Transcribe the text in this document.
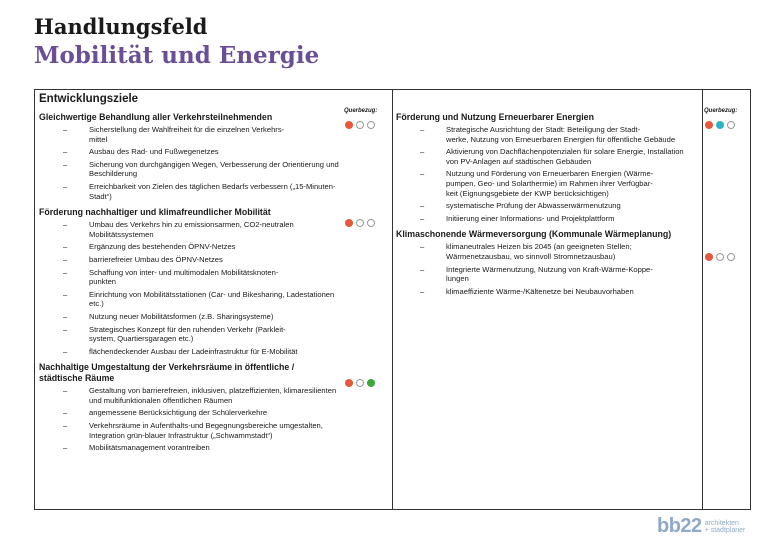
Handlungsfeld
Mobilität und Energie
Entwicklungsziele
Querbezug:	Querbezug:
Gleichwertige Behandlung aller Verkehrsteilnehmenden
–	Sicherstellung der Wahlfreiheit für die einzelnen Verkehrs-
mittel
–	Ausbau des Rad- und Fußwegenetzes
–	Sicherung von durchgängigen Wegen, Verbesserung der Orientierung und Beschilderung
–	Erreichbarkeit von Zielen des täglichen Bedarfs verbessern („15-Minuten-Stadt“)
Förderung nachhaltiger und klimafreundlicher Mobilität
–	Umbau des Verkehrs hin zu emissionsarmen, CO2-neutralen Mobilitätssystemen
–	Ergänzung des bestehenden ÖPNV-Netzes
–	barrierefreier Umbau des ÖPNV-Netzes
–	Schaffung von inter- und multimodalen Mobilitätsknoten-
punkten
–	Einrichtung von Mobilitätsstationen (Car- und Bikesharing, Ladestationen etc.)
–	Nutzung neuer Mobilitätsformen (z.B. Sharingsysteme)
–	Strategisches Konzept für den ruhenden Verkehr (Parkleit-
system, Quartiersgaragen etc.)
–	flächendeckender Ausbau der Ladeinfrastruktur für E-Mobilität
Nachhaltige Umgestaltung der Verkehrsräume in öffentliche / städtische Räume
–	Gestaltung von barrierefreien, inklusiven, platzeffizienten, klimaresilienten und multifunktionalen öffentlichen Räumen
–	angemessene Berücksichtigung der Schülerverkehre
–	Verkehrsräume in Aufenthalts-und Begegnungsbereiche umgestalten, Integration grün-blauer Infrastruktur („Schwammstadt“)
–	Mobilitätsmanagement vorantreiben
Förderung und Nutzung Erneuerbarer Energien
–	Strategische Ausrichtung der Stadt: Beteiligung der Stadt-
werke, Nutzung von Erneuerbaren Energien für öffentliche Gebäude
–	Aktivierung von Dachflächenpotenzialen für solare Energie, Installation von PV-Anlagen auf städtischen Gebäuden
–	Nutzung und Förderung von Erneuerbaren Energien (Wärme-
pumpen, Geo- und Solarthermie) im Rahmen ihrer Verfügbar-
keit (Eignungsgebiete der KWP berücksichtigen)
–	systematische Prüfung der Abwasserwärmenutzung
–	Initiierung einer Informations- und Projektplattform
Klimaschonende Wärmeversorgung (Kommunale Wärmeplanung)
–	klimaneutrales Heizen bis 2045 (an geeigneten Stellen; Wärmenetzausbau, wo sinnvoll Stromnetzausbau)
–	Integrierte Wärmenutzung, Nutzung von Kraft-Wärme-Koppe-
lungen
–	klimaeffiziente Wärme-/Kältenetze bei Neubauvorhaben
bb22 architekten
+ stadtplaner
